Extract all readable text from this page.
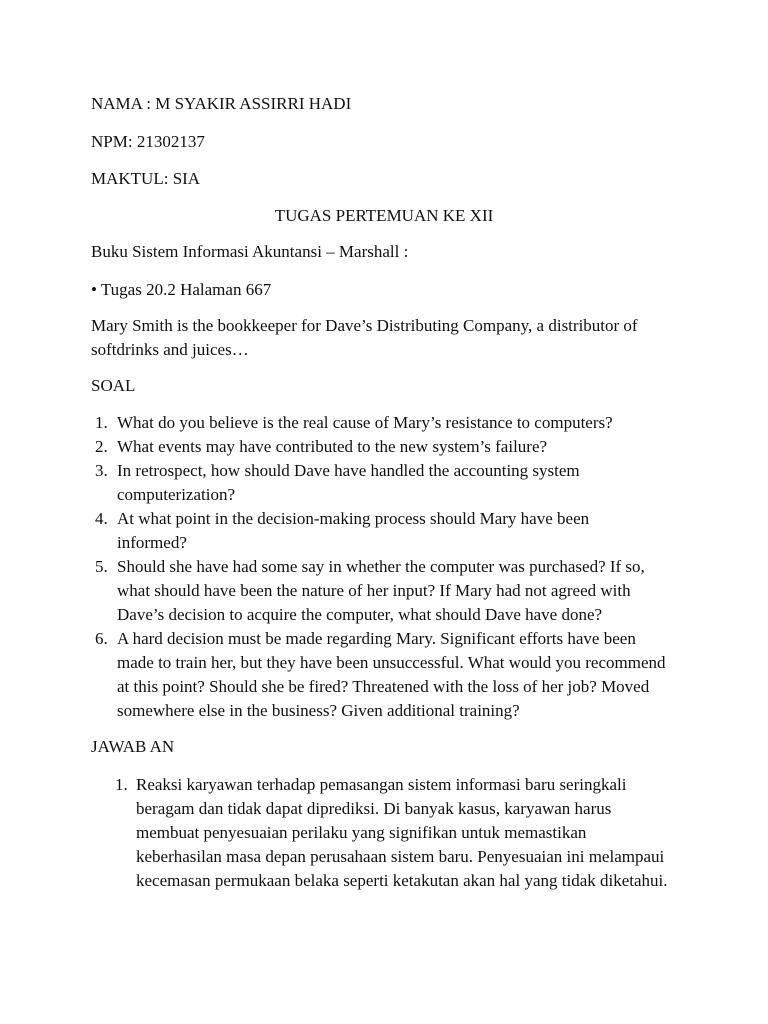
NAMA : M SYAKIR ASSIRRI HADI
NPM: 21302137
MAKTUL: SIA
TUGAS PERTEMUAN KE XII
Buku Sistem Informasi Akuntansi – Marshall :
• Tugas 20.2 Halaman 667
Mary Smith is the bookkeeper for Dave’s Distributing Company, a distributor of softdrinks and juices…
SOAL
1. What do you believe is the real cause of Mary’s resistance to computers?
2. What events may have contributed to the new system’s failure?
3. In retrospect, how should Dave have handled the accounting system computerization?
4. At what point in the decision-making process should Mary have been informed?
5. Should she have had some say in whether the computer was purchased? If so, what should have been the nature of her input? If Mary had not agreed with Dave’s decision to acquire the computer, what should Dave have done?
6. A hard decision must be made regarding Mary. Significant efforts have been made to train her, but they have been unsuccessful. What would you recommend at this point? Should she be fired? Threatened with the loss of her job? Moved somewhere else in the business? Given additional training?
JAWAB AN
1. Reaksi karyawan terhadap pemasangan sistem informasi baru seringkali beragam dan tidak dapat diprediksi. Di banyak kasus, karyawan harus membuat penyesuaian perilaku yang signifikan untuk memastikan keberhasilan masa depan perusahaan sistem baru. Penyesuaian ini melampaui kecemasan permukaan belaka seperti ketakutan akan hal yang tidak diketahui.
